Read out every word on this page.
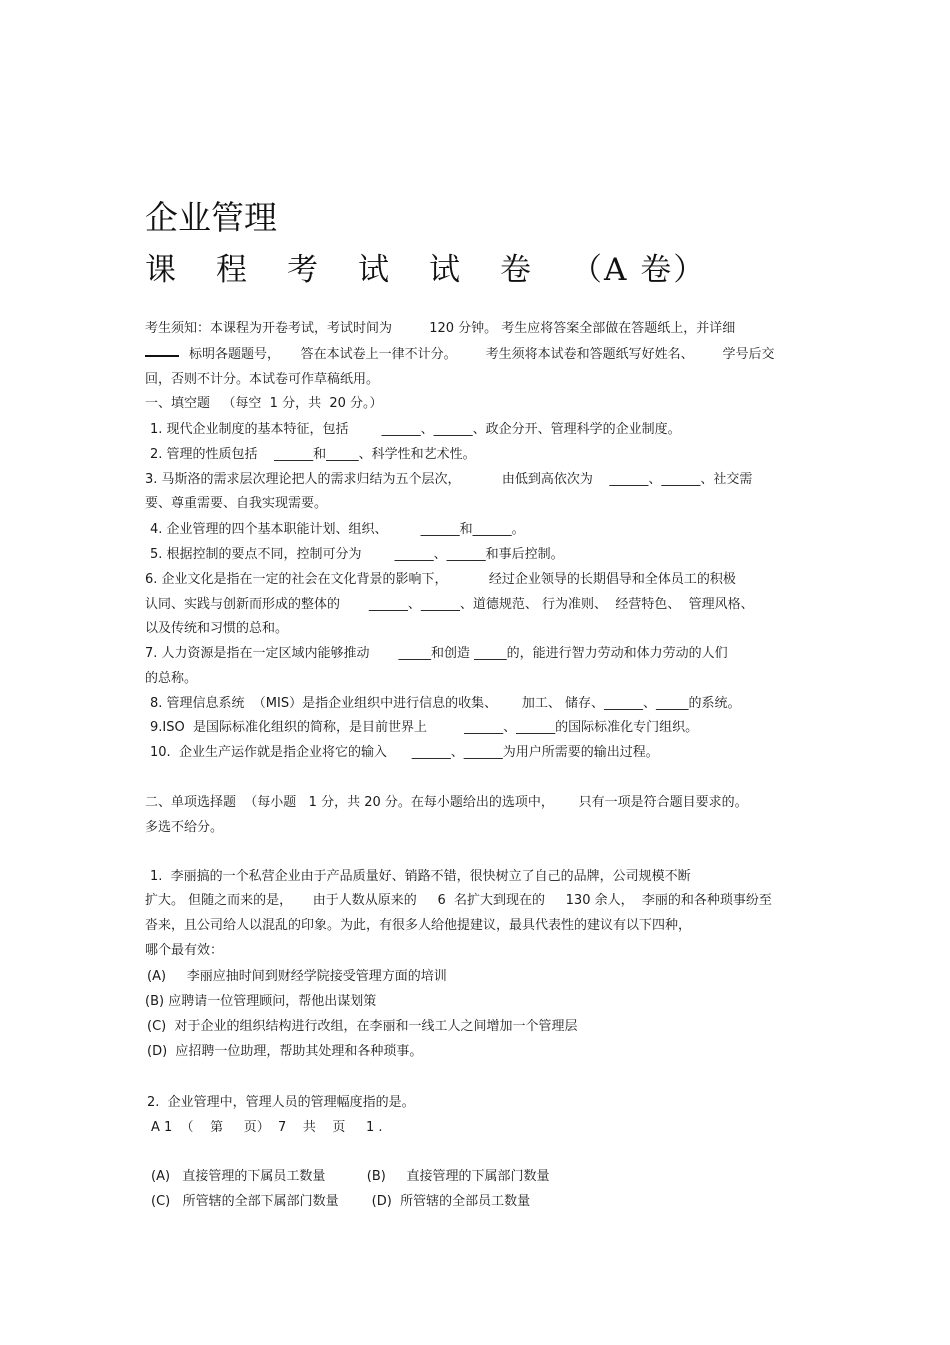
企业管理
课程考试试卷（A 卷）
考生须知：本课程为开卷考试，考试时间为         120 分钟。 考生应将答案全部做在答题纸上，并详细
标明各题题号，     答在本试卷上一律不计分。       考生须将本试卷和答题纸写好姓名、       学号后交
回，否则不计分。本试卷可作草稿纸用。
一、填空题   （每空  1 分，共  20 分。）
1. 现代企业制度的基本特征，包括        ______、______、政企分开、管理科学的企业制度。
2. 管理的性质包括    ______和_____、科学性和艺术性。
3. 马斯洛的需求层次理论把人的需求归结为五个层次，          由低到高依次为    ______、______、社交需
要、尊重需要、自我实现需要。
4. 企业管理的四个基本职能计划、组织、        ______和______。
5. 根据控制的要点不同，控制可分为        ______、______和事后控制。
6. 企业文化是指在一定的社会在文化背景的影响下，          经过企业领导的长期倡导和全体员工的积极
认同、实践与创新而形成的整体的       ______、______、道德规范、 行为准则、  经营特色、  管理风格、
以及传统和习惯的总和。
7. 人力资源是指在一定区域内能够推动       _____和创造 _____的，能进行智力劳动和体力劳动的人们
的总称。
8. 管理信息系统  （MIS）是指企业组织中进行信息的收集、      加工、 储存、______、_____的系统。
9.ISO  是国际标准化组织的简称，是目前世界上         ______、______的国际标准化专门组织。
10.  企业生产运作就是指企业将它的输入      ______、______为用户所需要的输出过程。
二、单项选择题  （每小题   1 分，共 20 分。在每小题给出的选项中，      只有一项是符合题目要求的。
多选不给分。
1.  李丽搞的一个私营企业由于产品质量好、销路不错，很快树立了自己的品牌，公司规模不断
扩大。 但随之而来的是，     由于人数从原来的     6  名扩大到现在的     130 余人，  李丽的和各种琐事纷至
沓来，且公司给人以混乱的印象。为此，有很多人给他提建议，最具代表性的建议有以下四种，
哪个最有效：
(A)     李丽应抽时间到财经学院接受管理方面的培训
(B) 应聘请一位管理顾问，帮他出谋划策
(C)  对于企业的组织结构进行改组，在李丽和一线工人之间增加一个管理层
(D)  应招聘一位助理，帮助其处理和各种琐事。
2.  企业管理中，管理人员的管理幅度指的是。
A 1  （    第     页）  7    共    页     1 .
(A)   直接管理的下属员工数量          (B)     直接管理的下属部门数量
(C)   所管辖的全部下属部门数量        (D)  所管辖的全部员工数量
